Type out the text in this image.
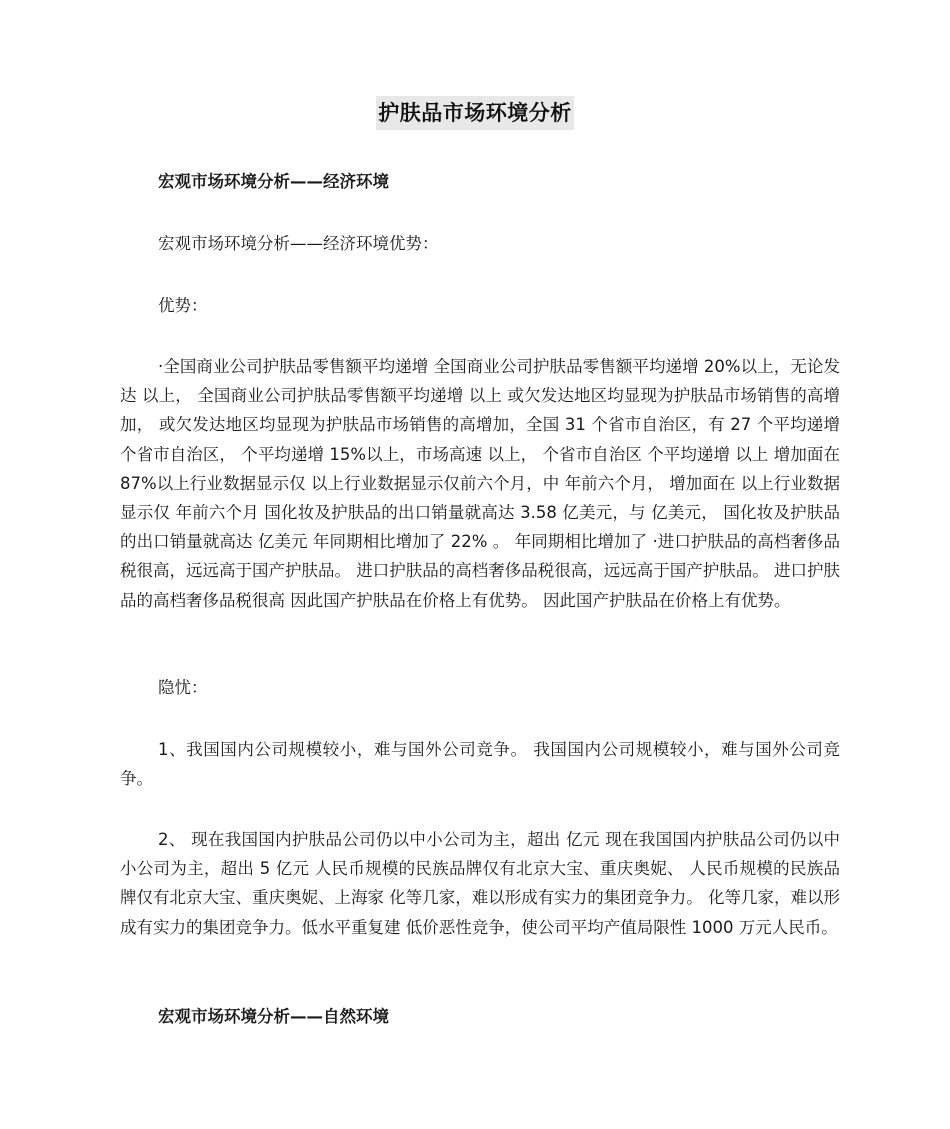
护肤品市场环境分析

宏观市场环境分析——经济环境

宏观市场环境分析——经济环境优势：

优势：

·全国商业公司护肤品零售额平均递增 全国商业公司护肤品零售额平均递增 20%以上，无论发达 以上， 全国商业公司护肤品零售额平均递增 以上 或欠发达地区均显现为护肤品市场销售的高增加， 或欠发达地区均显现为护肤品市场销售的高增加，全国 31 个省市自治区，有 27 个平均递增 个省市自治区， 个平均递增 15%以上，市场高速 以上， 个省市自治区 个平均递增 以上 增加面在 87%以上行业数据显示仅 以上行业数据显示仅前六个月，中 年前六个月， 增加面在 以上行业数据显示仅 年前六个月 国化妆及护肤品的出口销量就高达 3.58 亿美元，与 亿美元， 国化妆及护肤品的出口销量就高达 亿美元 年同期相比增加了 22% 。 年同期相比增加了 ·进口护肤品的高档奢侈品税很高，远远高于国产护肤品。 进口护肤品的高档奢侈品税很高，远远高于国产护肤品。 进口护肤品的高档奢侈品税很高 因此国产护肤品在价格上有优势。 因此国产护肤品在价格上有优势。

隐忧：

1、我国国内公司规模较小，难与国外公司竞争。 我国国内公司规模较小，难与国外公司竞争。

2、 现在我国国内护肤品公司仍以中小公司为主，超出 亿元 现在我国国内护肤品公司仍以中小公司为主，超出 5 亿元 人民币规模的民族品牌仅有北京大宝、重庆奥妮、 人民币规模的民族品牌仅有北京大宝、重庆奥妮、上海家 化等几家，难以形成有实力的集团竞争力。 化等几家，难以形成有实力的集团竞争力。低水平重复建 低价恶性竞争，使公司平均产值局限性 1000 万元人民币。

宏观市场环境分析——自然环境
